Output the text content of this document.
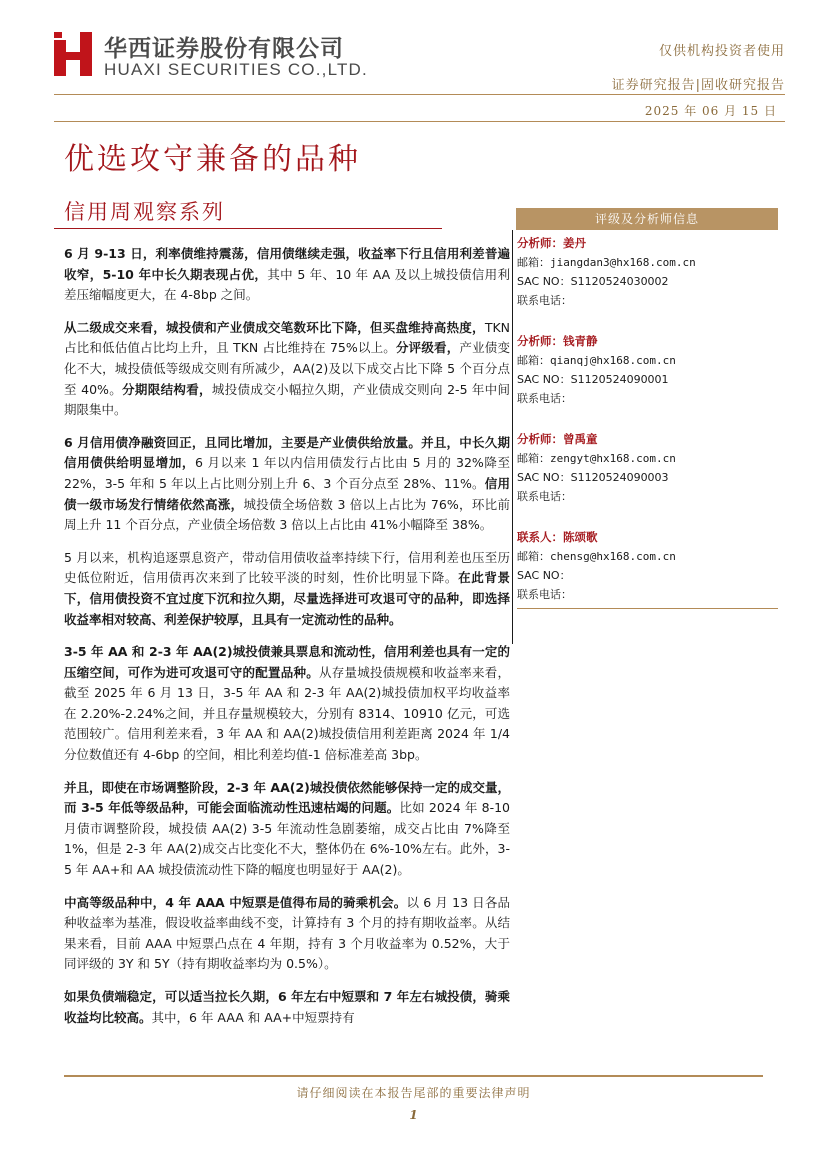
华西证券股份有限公司
HUAXI SECURITIES CO.,LTD.
仅供机构投资者使用
证券研究报告|固收研究报告
2025 年 06 月 15 日
优选攻守兼备的品种
信用周观察系列

6 月 9-13 日，利率债维持震荡，信用债继续走强，收益率下行且信用利差普遍收窄，5-10 年中长久期表现占优，其中 5 年、10 年 AA 及以上城投债信用利差压缩幅度更大，在 4-8bp 之间。

从二级成交来看，城投债和产业债成交笔数环比下降，但买盘维持高热度，TKN 占比和低估值占比均上升，且 TKN 占比维持在 75%以上。分评级看，产业债变化不大，城投债低等级成交则有所减少，AA(2)及以下成交占比下降 5 个百分点至 40%。分期限结构看，城投债成交小幅拉久期，产业债成交则向 2-5 年中间期限集中。

6 月信用债净融资回正，且同比增加，主要是产业债供给放量。并且，中长久期信用债供给明显增加，6 月以来 1 年以内信用债发行占比由 5 月的 32%降至 22%，3-5 年和 5 年以上占比则分别上升 6、3 个百分点至 28%、11%。信用债一级市场发行情绪依然高涨，城投债全场倍数 3 倍以上占比为 76%，环比前周上升 11 个百分点，产业债全场倍数 3 倍以上占比由 41%小幅降至 38%。

5 月以来，机构追逐票息资产，带动信用债收益率持续下行，信用利差也压至历史低位附近，信用债再次来到了比较平淡的时刻，性价比明显下降。在此背景下，信用债投资不宜过度下沉和拉久期，尽量选择进可攻退可守的品种，即选择收益率相对较高、利差保护较厚，且具有一定流动性的品种。

3-5 年 AA 和 2-3 年 AA(2)城投债兼具票息和流动性，信用利差也具有一定的压缩空间，可作为进可攻退可守的配置品种。从存量城投债规模和收益率来看，截至 2025 年 6 月 13 日，3-5 年 AA 和 2-3 年 AA(2)城投债加权平均收益率在 2.20%-2.24%之间，并且存量规模较大，分别有 8314、10910 亿元，可选范围较广。信用利差来看，3 年 AA 和 AA(2)城投债信用利差距离 2024 年 1/4 分位数值还有 4-6bp 的空间，相比利差均值-1 倍标准差高 3bp。

并且，即使在市场调整阶段，2-3 年 AA(2)城投债依然能够保持一定的成交量，而 3-5 年低等级品种，可能会面临流动性迅速枯竭的问题。比如 2024 年 8-10 月债市调整阶段，城投债 AA(2) 3-5 年流动性急剧萎缩，成交占比由 7%降至 1%，但是 2-3 年 AA(2)成交占比变化不大，整体仍在 6%-10%左右。此外，3-5 年 AA+和 AA 城投债流动性下降的幅度也明显好于 AA(2)。

中高等级品种中，4 年 AAA 中短票是值得布局的骑乘机会。以 6 月 13 日各品种收益率为基准，假设收益率曲线不变，计算持有 3 个月的持有期收益率。从结果来看，目前 AAA 中短票凸点在 4 年期，持有 3 个月收益率为 0.52%，大于同评级的 3Y 和 5Y（持有期收益率均为 0.5%）。

如果负债端稳定，可以适当拉长久期，6 年左右中短票和 7 年左右城投债，骑乘收益均比较高。其中，6 年 AAA 和 AA+中短票持有

评级及分析师信息
分析师：姜丹
邮箱：jiangdan3@hx168.com.cn
SAC NO：S1120524030002
联系电话：
分析师：钱青静
邮箱：qianqj@hx168.com.cn
SAC NO：S1120524090001
联系电话：
分析师：曾禹童
邮箱：zengyt@hx168.com.cn
SAC NO：S1120524090003
联系电话：
联系人：陈颂歌
邮箱：chensg@hx168.com.cn
SAC NO：
联系电话：
请仔细阅读在本报告尾部的重要法律声明
1
